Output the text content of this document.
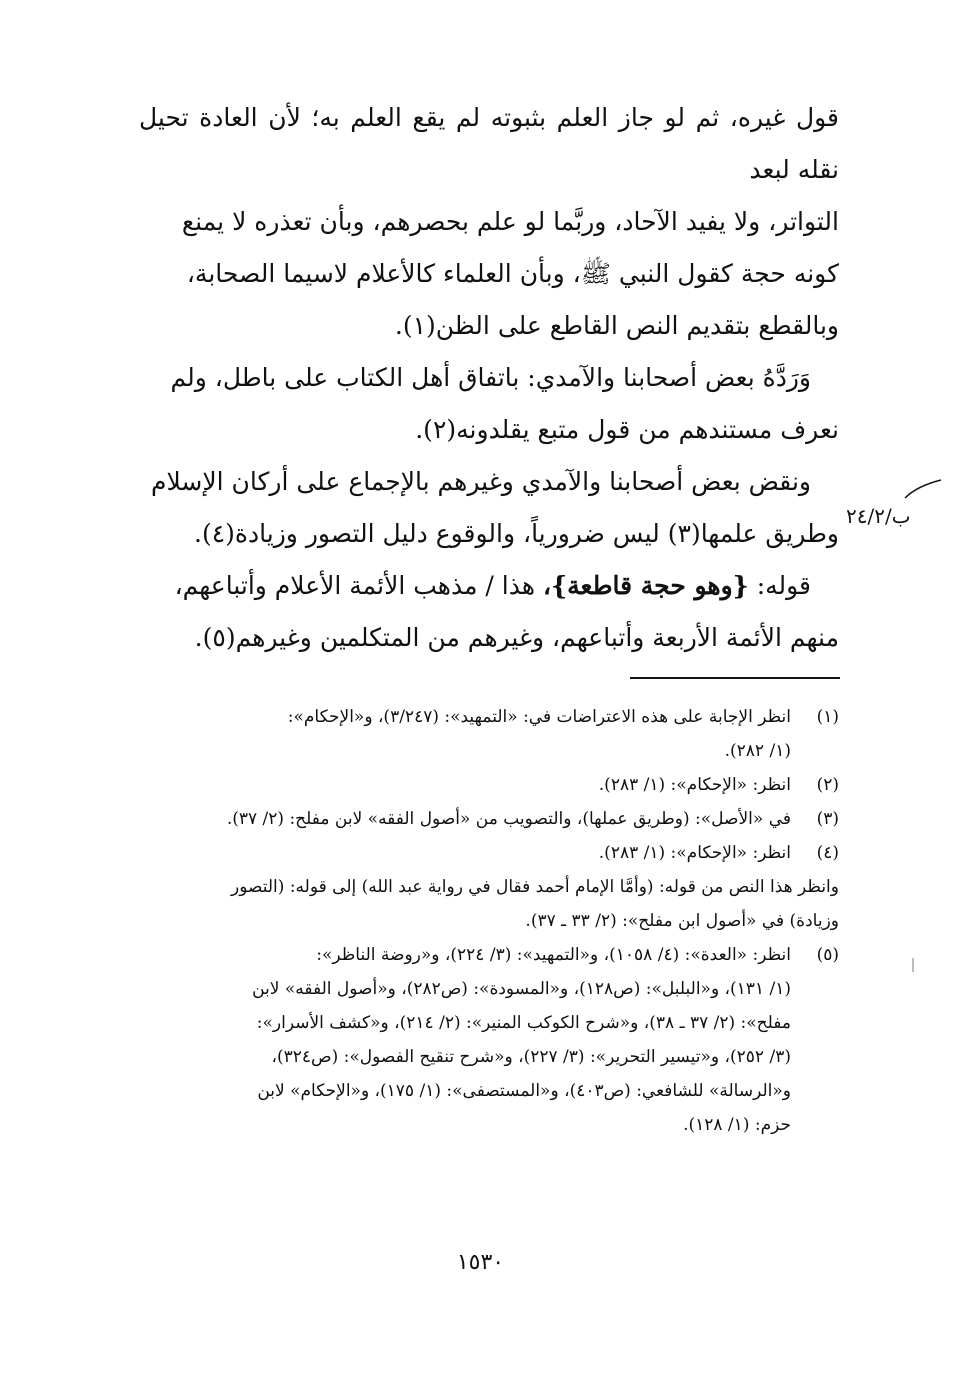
قول غيره، ثم لو جاز العلم بثبوته لم يقع العلم به؛ لأن العادة تحيل نقله لبعد
التواتر، ولا يفيد الآحاد، وربَّما لو علم بحصرهم، وبأن تعذره لا يمنع
كونه حجة كقول النبي ﷺ، وبأن العلماء كالأعلام لاسيما الصحابة،
وبالقطع بتقديم النص القاطع على الظن(١).

وَرَدَّهُ بعض أصحابنا والآمدي: باتفاق أهل الكتاب على باطل، ولم
نعرف مستندهم من قول متبع يقلدونه(٢).

ونقض بعض أصحابنا والآمدي وغيرهم بالإجماع على أركان الإسلام
وطريق علمها(٣) ليس ضرورياً، والوقوع دليل التصور وزيادة(٤).

قوله: {وهو حجة قاطعة}، هذا / مذهب الأئمة الأعلام وأتباعهم،
منهم الأئمة الأربعة وأتباعهم، وغيرهم من المتكلمين وغيرهم(٥).

ب/٢٤/٢
(١)
انظر الإجابة على هذه الاعتراضات في: «التمهيد»: (٣/٢٤٧)، و«الإحكام»:
(١/ ٢٨٢).
(٢)
انظر: «الإحكام»: (١/ ٢٨٣).
(٣)
في «الأصل»: (وطريق عملها)، والتصويب من «أصول الفقه» لابن مفلح: (٢/ ٣٧).
(٤)
انظر: «الإحكام»: (١/ ٢٨٣).
وانظر هذا النص من قوله: (وأمَّا الإمام أحمد فقال في رواية عبد الله) إلى قوله: (التصور
وزيادة) في «أصول ابن مفلح»: (٢/ ٣٣ ـ ٣٧).
(٥)
انظر: «العدة»: (٤/ ١٠٥٨)، و«التمهيد»: (٣/ ٢٢٤)، و«روضة الناظر»:
(١/ ١٣١)، و«البلبل»: (ص١٢٨)، و«المسودة»: (ص٢٨٢)، و«أصول الفقه» لابن
مفلح»: (٢/ ٣٧ ـ ٣٨)، و«شرح الكوكب المنير»: (٢/ ٢١٤)، و«كشف الأسرار»:
(٣/ ٢٥٢)، و«تيسير التحرير»: (٣/ ٢٢٧)، و«شرح تنقيح الفصول»: (ص٣٢٤)،
و«الرسالة» للشافعي: (ص٤٠٣)، و«المستصفى»: (١/ ١٧٥)، و«الإحكام» لابن
حزم: (١/ ١٢٨).
١٥٣٠
